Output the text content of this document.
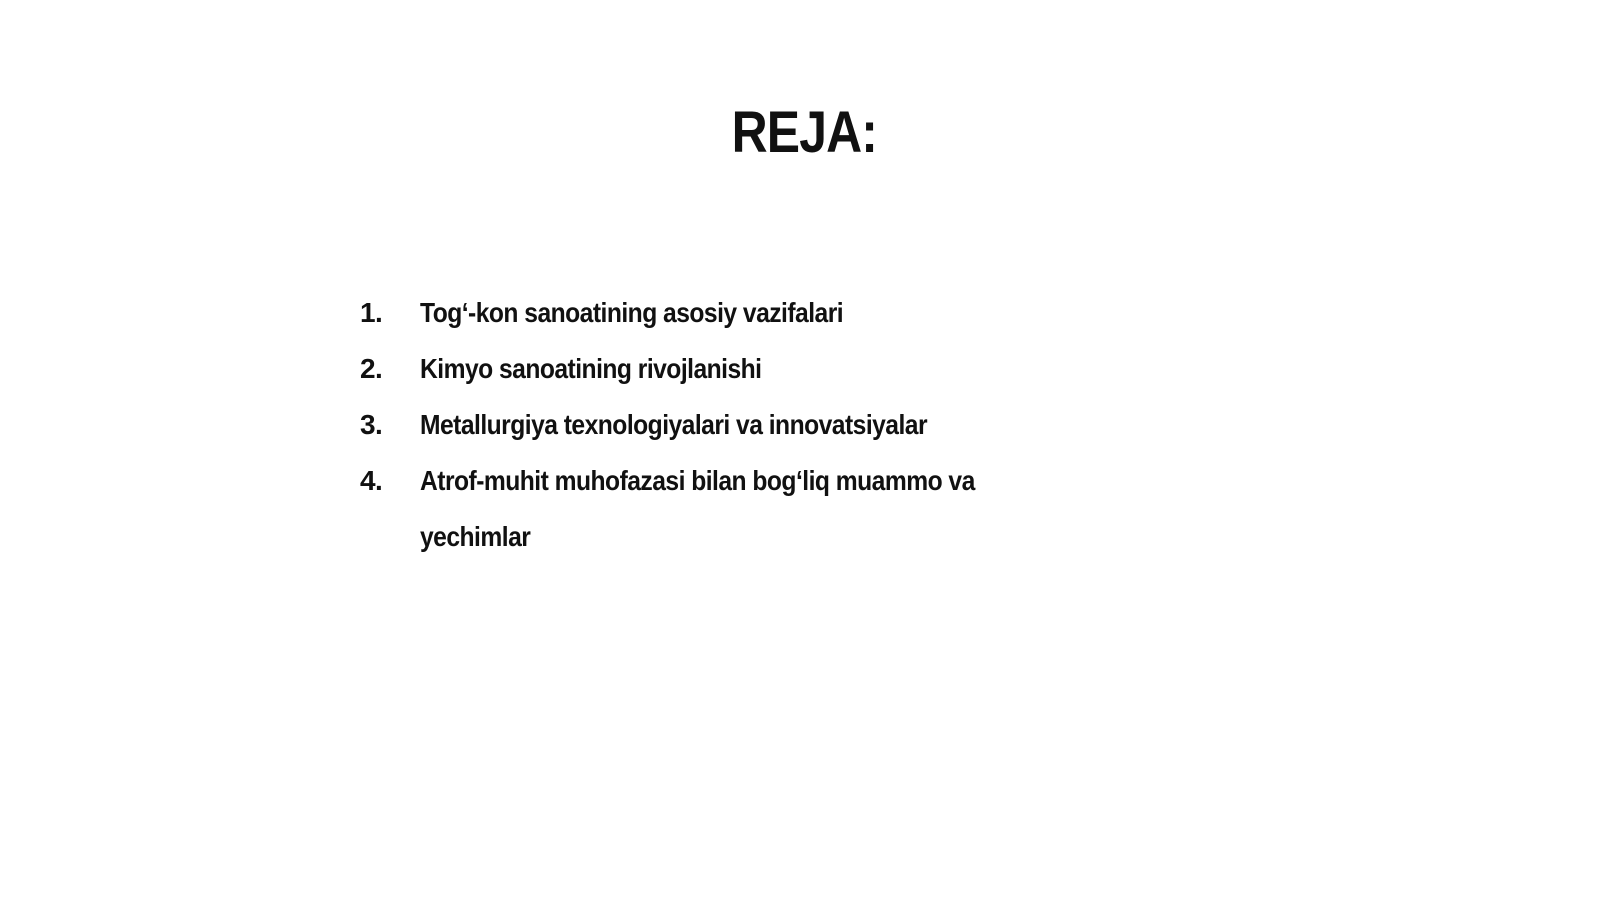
REJA:
1.	Tog‘-kon sanoatining asosiy vazifalari
2.	Kimyo sanoatining rivojlanishi
3.	Metallurgiya texnologiyalari va innovatsiyalar
4.	Atrof-muhit muhofazasi bilan bog‘liq muammo va yechimlar
